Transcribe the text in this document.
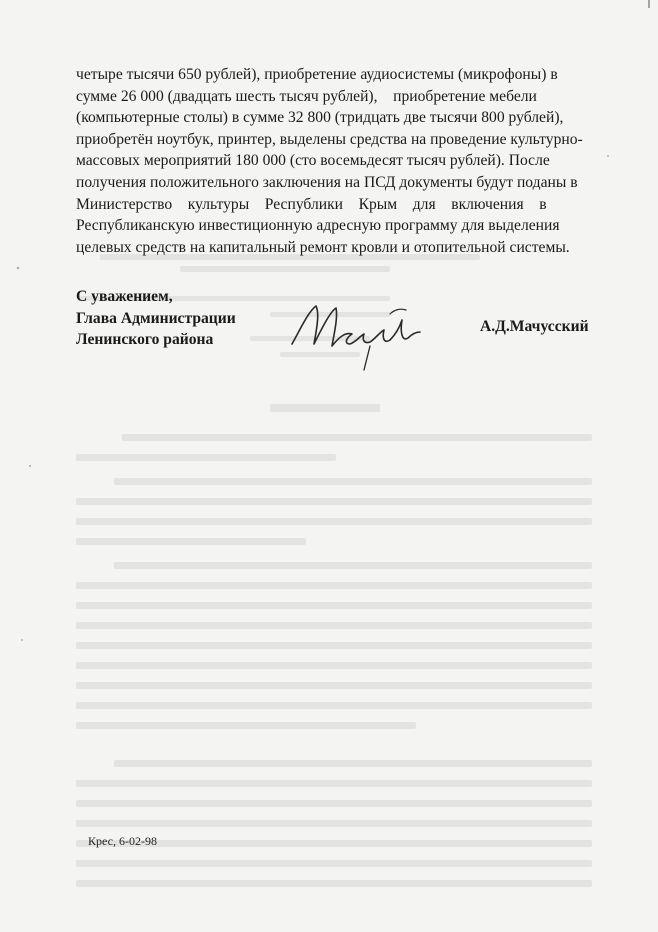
четыре тысячи 650 рублей), приобретение аудиосистемы (микрофоны) в

сумме 26 000 (двадцать шесть тысяч рублей),    приобретение мебели

(компьютерные столы) в сумме 32 800 (тридцать две тысячи 800 рублей),

приобретён ноутбук, принтер, выделены средства на проведение культурно-

массовых мероприятий 180 000 (сто восемьдесят тысяч рублей). После

получения положительного заключения на ПСД документы будут поданы в

Министерство    культуры    Республики    Крым    для    включения    в

Республиканскую инвестиционную адресную программу для выделения

целевых средств на капитальный ремонт кровли и отопительной системы.

С уважением,
Глава Администрации
Ленинского района
А.Д.Мачусский
Крес, 6-02-98
